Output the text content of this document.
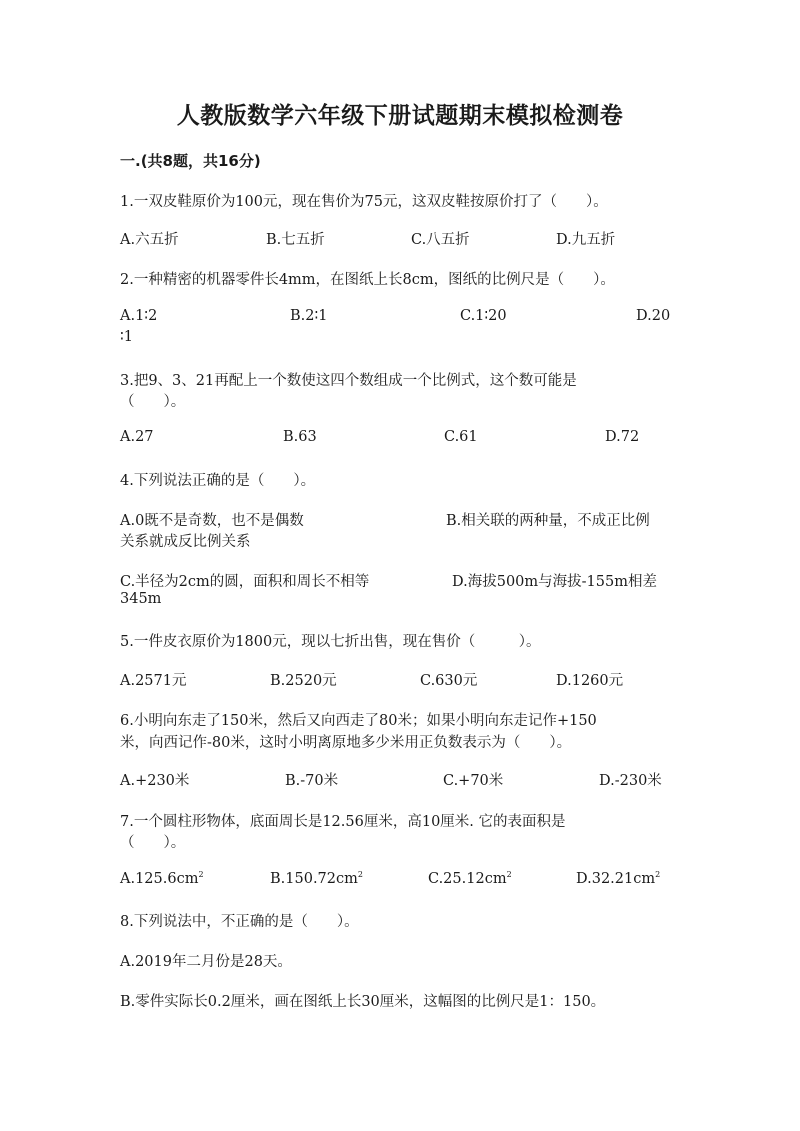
人教版数学六年级下册试题期末模拟检测卷
一.(共8题，共16分)
1.一双皮鞋原价为100元，现在售价为75元，这双皮鞋按原价打了（　　）。
A.六五折	B.七五折	C.八五折	D.九五折
2.一种精密的机器零件长4mm，在图纸上长8cm，图纸的比例尺是（　　）。
A.1∶2	B.2∶1	C.1∶20	D.20
∶1
3.把9、3、21再配上一个数使这四个数组成一个比例式，这个数可能是
（　　）。
A.27	B.63	C.61	D.72
4.下列说法正确的是（　　）。
A.0既不是奇数，也不是偶数	B.相关联的两种量，不成正比例
关系就成反比例关系
C.半径为2cm的圆，面积和周长不相等	D.海拔500m与海拔-155m相差
345m
5.一件皮衣原价为1800元，现以七折出售，现在售价（　　　）。
A.2571元	B.2520元	C.630元	D.1260元
6.小明向东走了150米，然后又向西走了80米；如果小明向东走记作+150
米，向西记作-80米，这时小明离原地多少米用正负数表示为（　　）。
A.+230米	B.-70米	C.+70米	D.-230米
7.一个圆柱形物体，底面周长是12.56厘米，高10厘米. 它的表面积是
（　　）。
$A.125.6cm^2$	$B.150.72cm^2$	$C.25.12cm^2$	$D.32.21cm^2$
8.下列说法中，不正确的是（　　）。
A.2019年二月份是28天。
B.零件实际长0.2厘米，画在图纸上长30厘米，这幅图的比例尺是1：150。
